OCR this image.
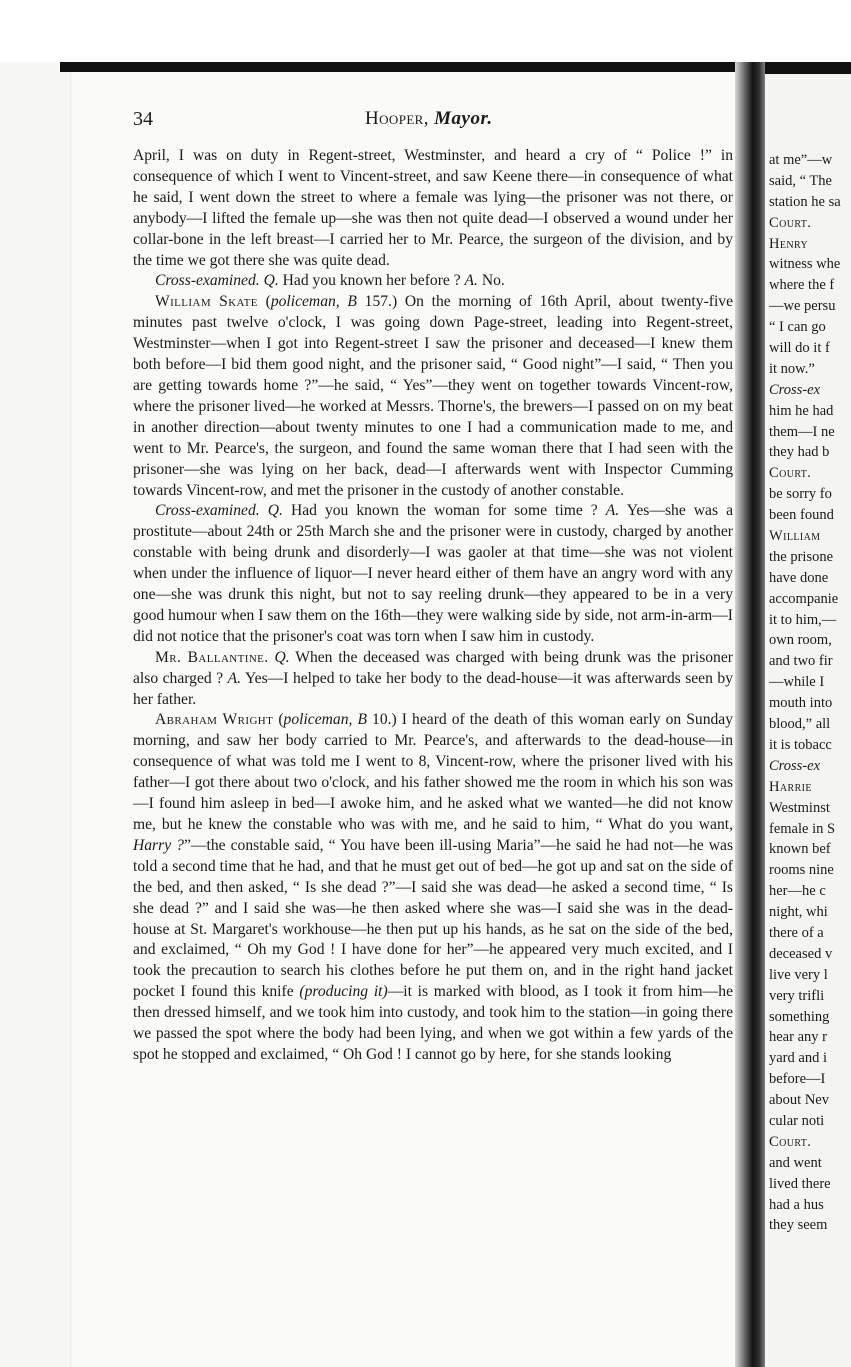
34	Hooper, Mayor.

April, I was on duty in Regent-street, Westminster, and heard a cry of “ Police !” in consequence of which I went to Vincent-street, and saw Keene there—in consequence of what he said, I went down the street to where a female was lying—the prisoner was not there, or anybody—I lifted the female up—she was then not quite dead—I observed a wound under her collar-bone in the left breast—I carried her to Mr. Pearce, the surgeon of the division, and by the time we got there she was quite dead.

Cross-examined. Q. Had you known her before ? A. No.

William Skate (policeman, B 157.) On the morning of 16th April, about twenty-five minutes past twelve o'clock, I was going down Page-street, leading into Regent-street, Westminster—when I got into Regent-street I saw the prisoner and deceased—I knew them both before—I bid them good night, and the prisoner said, “ Good night”—I said, “ Then you are getting towards home ?”—he said, “ Yes”—they went on together towards Vincent-row, where the prisoner lived—he worked at Messrs. Thorne's, the brewers—I passed on on my beat in another direction—about twenty minutes to one I had a communication made to me, and went to Mr. Pearce's, the surgeon, and found the same woman there that I had seen with the prisoner—she was lying on her back, dead—I afterwards went with Inspector Cumming towards Vincent-row, and met the prisoner in the custody of another constable.

Cross-examined. Q. Had you known the woman for some time ? A. Yes—she was a prostitute—about 24th or 25th March she and the prisoner were in custody, charged by another constable with being drunk and disorderly—I was gaoler at that time—she was not violent when under the influence of liquor—I never heard either of them have an angry word with any one—she was drunk this night, but not to say reeling drunk—they appeared to be in a very good humour when I saw them on the 16th—they were walking side by side, not arm-in-arm—I did not notice that the prisoner's coat was torn when I saw him in custody.

Mr. Ballantine. Q. When the deceased was charged with being drunk was the prisoner also charged ? A. Yes—I helped to take her body to the dead-house—it was afterwards seen by her father.

Abraham Wright (policeman, B 10.) I heard of the death of this woman early on Sunday morning, and saw her body carried to Mr. Pearce's, and afterwards to the dead-house—in consequence of what was told me I went to 8, Vincent-row, where the prisoner lived with his father—I got there about two o'clock, and his father showed me the room in which his son was—I found him asleep in bed—I awoke him, and he asked what we wanted—he did not know me, but he knew the constable who was with me, and he said to him, “ What do you want, Harry ?”—the constable said, “ You have been ill-using Maria”—he said he had not—he was told a second time that he had, and that he must get out of bed—he got up and sat on the side of the bed, and then asked, “ Is she dead ?”—I said she was dead—he asked a second time, “ Is she dead ?” and I said she was—he then asked where she was—I said she was in the dead-house at St. Margaret's workhouse—he then put up his hands, as he sat on the side of the bed, and exclaimed, “ Oh my God ! I have done for her”—he appeared very much excited, and I took the precaution to search his clothes before he put them on, and in the right hand jacket pocket I found this knife (producing it)—it is marked with blood, as I took it from him—he then dressed himself, and we took him into custody, and took him to the station—in going there we passed the spot where the body had been lying, and when we got within a few yards of the spot he stopped and exclaimed, “ Oh God ! I cannot go by here, for she stands looking

at me”—w
said, “ The
station he sa
Court.
Henry
witness whe
where the f
—we persu
“ I can go
will do it f
it now.”
Cross-ex
him he had
them—I ne
they had b
Court.
be sorry fo
been found
William
the prisone
have done
accompanie
it to him,—
own room,
and two fir
—while I
mouth into
blood,” all
it is tobacc
Cross-ex
Harrie
Westminst
female in S
known bef
rooms nine
her—he c
night, whi
there of a
deceased v
live very l
very trifli
something
hear any r
yard and i
before—I
about Nev
cular noti
Court.
and went
lived there
had a hus
they seem
